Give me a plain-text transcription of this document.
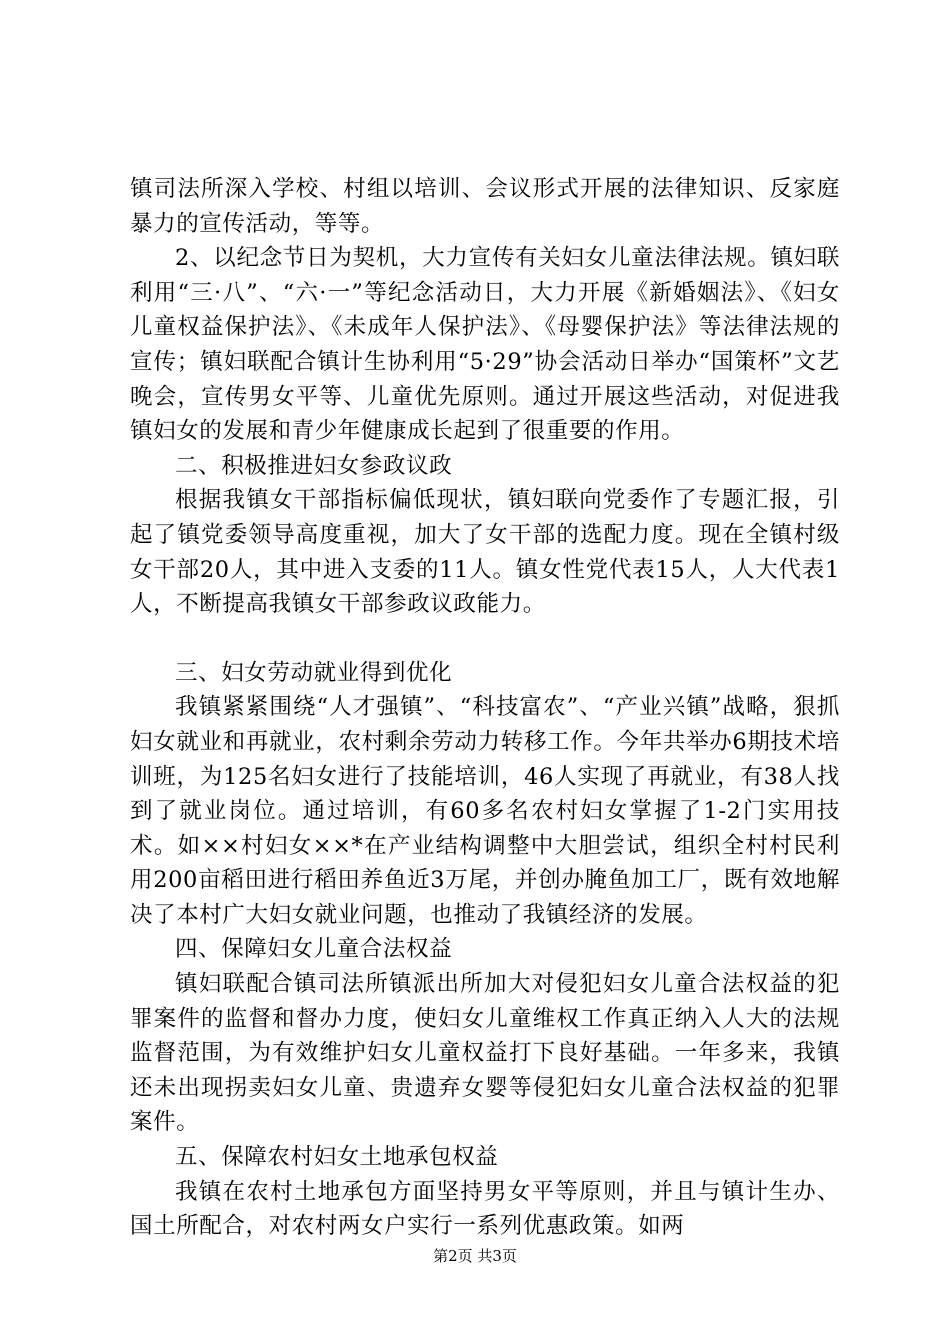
镇司法所深入学校、村组以培训、会议形式开展的法律知识、反家庭暴力的宣传活动，等等。

2、以纪念节日为契机，大力宣传有关妇女儿童法律法规。镇妇联利用“三·八”、“六·一”等纪念活动日，大力开展《新婚姻法》、《妇女儿童权益保护法》、《未成年人保护法》、《母婴保护法》等法律法规的宣传；镇妇联配合镇计生协利用“5·29”协会活动日举办“国策杯”文艺晚会，宣传男女平等、儿童优先原则。通过开展这些活动，对促进我镇妇女的发展和青少年健康成长起到了很重要的作用。

二、积极推进妇女参政议政

根据我镇女干部指标偏低现状，镇妇联向党委作了专题汇报，引起了镇党委领导高度重视，加大了女干部的选配力度。现在全镇村级女干部20人，其中进入支委的11人。镇女性党代表15人，人大代表1人，不断提高我镇女干部参政议政能力。

三、妇女劳动就业得到优化

我镇紧紧围绕“人才强镇”、“科技富农”、“产业兴镇”战略，狠抓妇女就业和再就业，农村剩余劳动力转移工作。今年共举办6期技术培训班，为125名妇女进行了技能培训，46人实现了再就业，有38人找到了就业岗位。通过培训，有60多名农村妇女掌握了1-2门实用技术。如××村妇女××*在产业结构调整中大胆尝试，组织全村村民利用200亩稻田进行稻田养鱼近3万尾，并创办腌鱼加工厂，既有效地解决了本村广大妇女就业问题，也推动了我镇经济的发展。

四、保障妇女儿童合法权益

镇妇联配合镇司法所镇派出所加大对侵犯妇女儿童合法权益的犯罪案件的监督和督办力度，使妇女儿童维权工作真正纳入人大的法规监督范围，为有效维护妇女儿童权益打下良好基础。一年多来，我镇还未出现拐卖妇女儿童、贵遗弃女婴等侵犯妇女儿童合法权益的犯罪案件。

五、保障农村妇女土地承包权益

我镇在农村土地承包方面坚持男女平等原则，并且与镇计生办、国土所配合，对农村两女户实行一系列优惠政策。如两

第2页 共3页
